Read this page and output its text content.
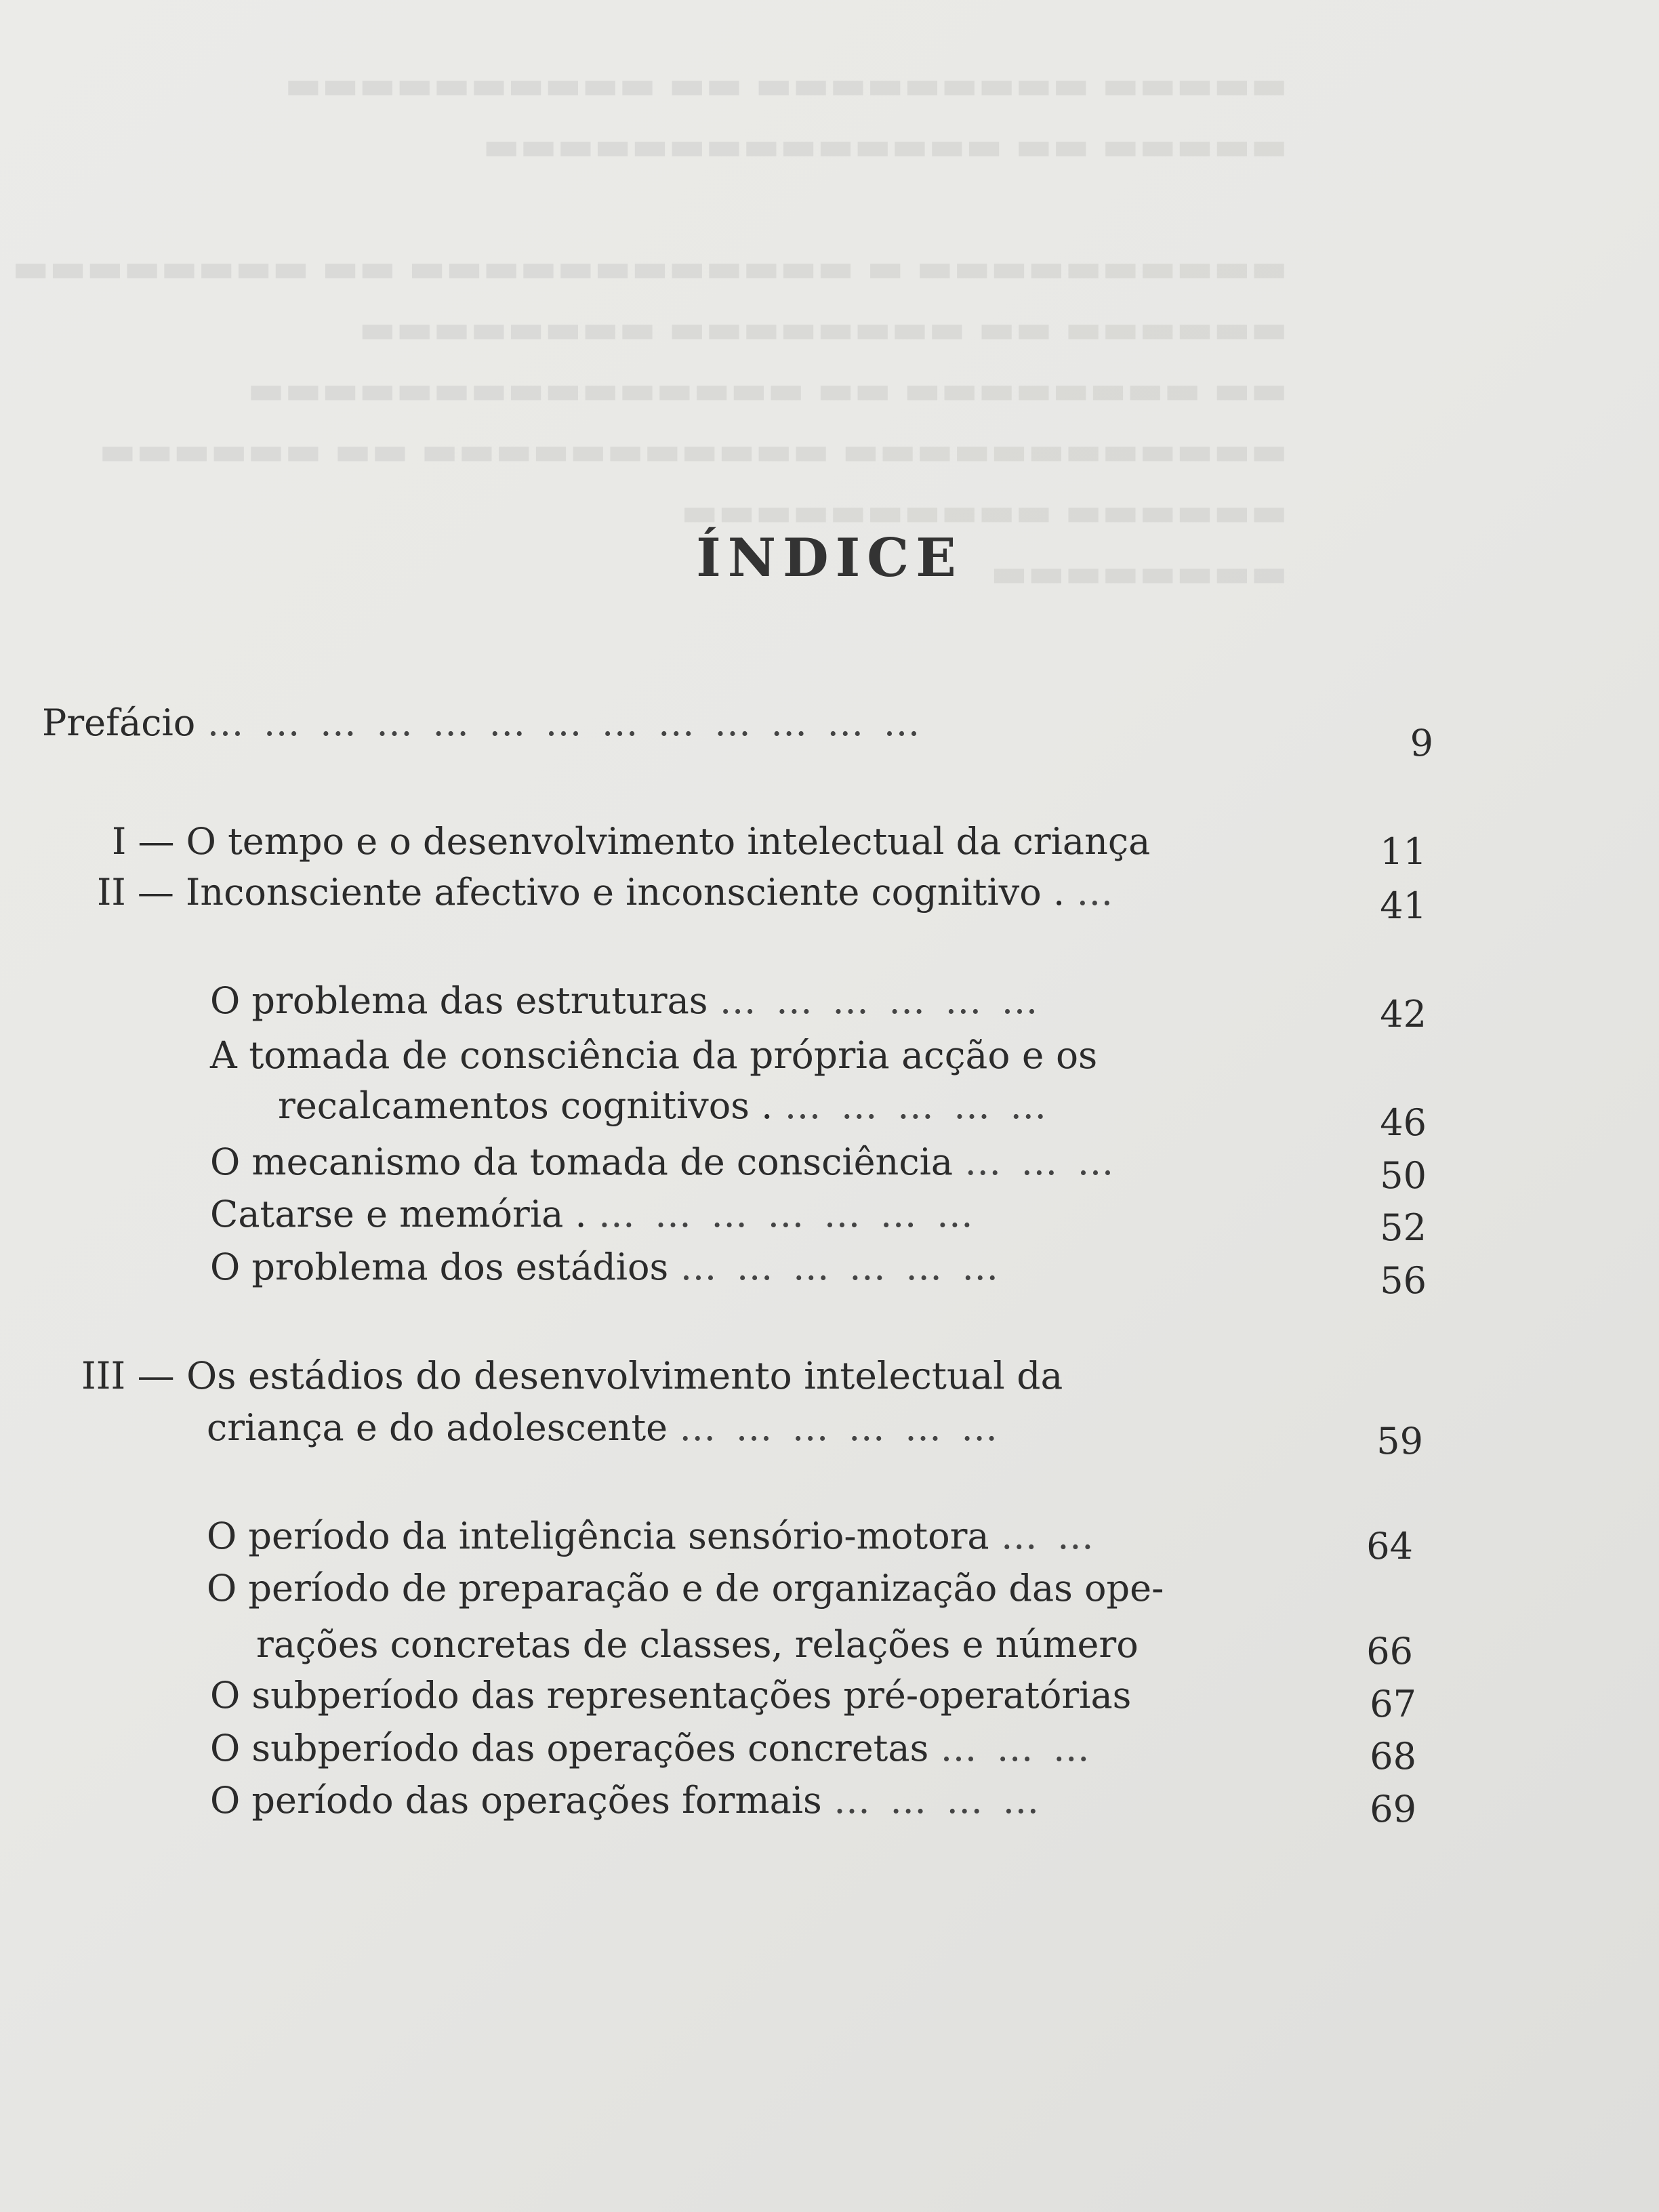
▬▬▬▬▬ ▬▬▬▬▬▬▬▬▬ ▬▬ ▬▬▬▬▬▬▬▬▬▬
▬▬▬▬▬ ▬▬ ▬▬▬▬▬▬▬▬▬▬▬▬▬▬

▬▬▬▬▬▬▬▬▬▬ ▬ ▬▬▬▬▬▬▬▬▬▬▬▬ ▬▬ ▬▬▬▬▬▬▬▬
▬▬▬▬▬▬ ▬▬ ▬▬▬▬▬▬▬▬ ▬▬▬▬▬▬▬▬
▬▬ ▬▬▬▬▬▬▬▬ ▬▬ ▬▬▬▬▬▬▬▬▬▬▬▬▬▬▬
▬▬▬▬▬▬▬▬▬▬▬▬ ▬▬▬▬▬▬▬▬▬▬▬ ▬▬ ▬▬▬▬▬▬
▬▬▬▬▬▬ ▬▬▬▬▬▬▬▬▬▬
▬▬▬▬▬▬▬▬
ÍNDICE
Prefácio … … … … … … … … … … … … …	9
I — O tempo e o desenvolvimento intelectual da criança	11
II — Inconsciente afectivo e inconsciente cognitivo . …	41
O problema das estruturas … … … … … …	42
A tomada de consciência da própria acção e os
recalcamentos cognitivos . … … … … …	46
O mecanismo da tomada de consciência … … …	50
Catarse e memória . … … … … … … …	52
O problema dos estádios … … … … … …	56
III — Os estádios do desenvolvimento intelectual da
criança e do adolescente … … … … … …	59
O período da inteligência sensório-motora … …	64
O período de preparação e de organização das ope-
rações concretas de classes, relações e número	66
O subperíodo das representações pré-operatórias	67
O subperíodo das operações concretas … … …	68
O período das operações formais … … … …	69
